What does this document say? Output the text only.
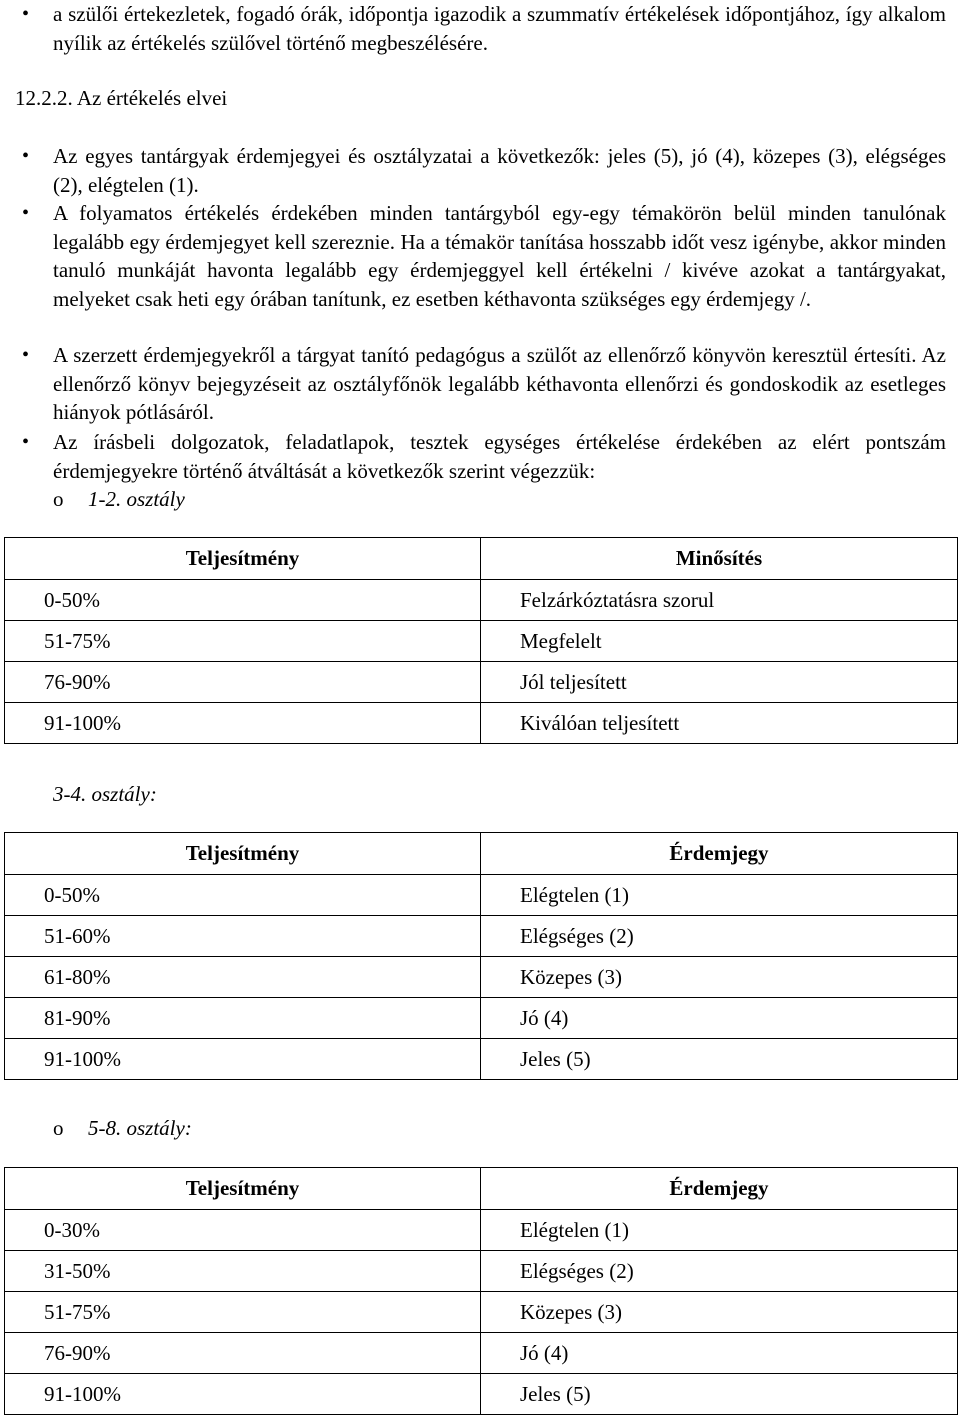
• a szülői értekezletek, fogadó órák, időpontja igazodik a szummatív értékelések időpontjához, így alkalom nyílik az értékelés szülővel történő megbeszélésére.
12.2.2. Az értékelés elvei
• Az egyes tantárgyak érdemjegyei és osztályzatai a következők: jeles (5), jó (4), közepes (3), elégséges (2), elégtelen (1).
• A folyamatos értékelés érdekében minden tantárgyból egy-egy témakörön belül minden tanulónak legalább egy érdemjegyet kell szereznie. Ha a témakör tanítása hosszabb időt vesz igénybe, akkor minden tanuló munkáját havonta legalább egy érdemjeggyel kell értékelni / kivéve azokat a tantárgyakat, melyeket csak heti egy órában tanítunk, ez esetben kéthavonta szükséges egy érdemjegy /.
• A szerzett érdemjegyekről a tárgyat tanító pedagógus a szülőt az ellenőrző könyvön keresztül értesíti. Az ellenőrző könyv bejegyzéseit az osztályfőnök legalább kéthavonta ellenőrzi és gondoskodik az esetleges hiányok pótlásáról.
• Az írásbeli dolgozatok, feladatlapok, tesztek egységes értékelése érdekében az elért pontszám érdemjegyekre történő átváltását a következők szerint végezzük:
o 1-2. osztály
Teljesítmény	Minősítés
0-50%	Felzárkóztatásra szorul
51-75%	Megfelelt
76-90%	Jól teljesített
91-100%	Kiválóan teljesített
3-4. osztály:
Teljesítmény	Érdemjegy
0-50%	Elégtelen (1)
51-60%	Elégséges (2)
61-80%	Közepes (3)
81-90%	Jó (4)
91-100%	Jeles (5)
o 5-8. osztály:
Teljesítmény	Érdemjegy
0-30%	Elégtelen (1)
31-50%	Elégséges (2)
51-75%	Közepes (3)
76-90%	Jó (4)
91-100%	Jeles (5)
